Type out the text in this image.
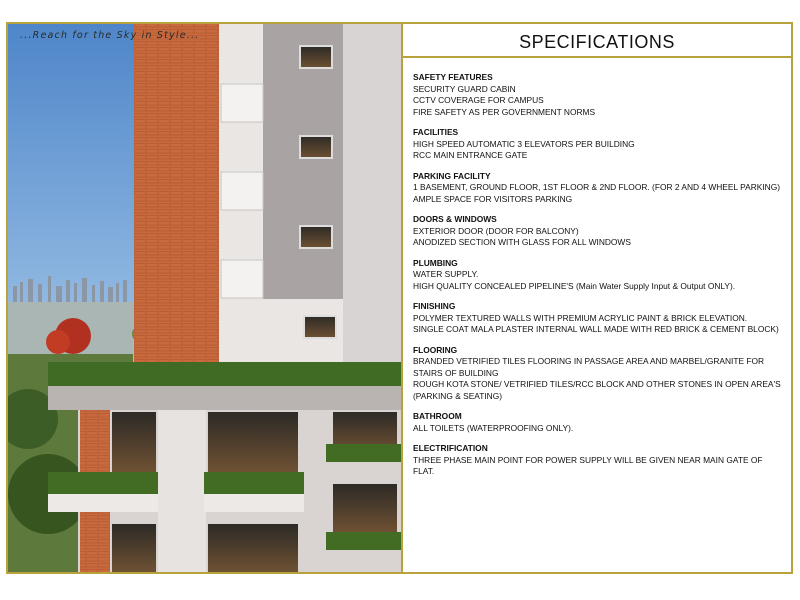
...Reach for the Sky in Style...	SPECIFICATIONS
SAFETY FEATURES
SECURITY GUARD CABIN
CCTV COVERAGE FOR CAMPUS
FIRE SAFETY AS PER GOVERNMENT NORMS
FACILITIES
HIGH SPEED AUTOMATIC 3 ELEVATORS PER BUILDING
RCC MAIN ENTRANCE GATE
PARKING FACILITY
1 BASEMENT, GROUND FLOOR, 1ST FLOOR & 2ND FLOOR. (FOR 2 AND 4 WHEEL PARKING)
AMPLE SPACE FOR VISITORS PARKING
DOORS & WINDOWS
EXTERIOR DOOR (DOOR FOR BALCONY)
ANODIZED SECTION WITH GLASS FOR ALL WINDOWS
PLUMBING
WATER SUPPLY.
HIGH QUALITY CONCEALED PIPELINE'S (Main Water Supply Input & Output ONLY).
FINISHING
POLYMER TEXTURED WALLS WITH PREMIUM ACRYLIC PAINT & BRICK ELEVATION.
SINGLE COAT MALA PLASTER INTERNAL WALL MADE WITH RED BRICK & CEMENT BLOCK)
FLOORING
BRANDED VETRIFIED TILES FLOORING IN PASSAGE AREA AND MARBEL/GRANITE FOR STAIRS OF BUILDING
ROUGH KOTA STONE/ VETRIFIED TILES/RCC BLOCK AND OTHER STONES IN OPEN AREA'S (PARKING & SEATING)
BATHROOM
ALL TOILETS (WATERPROOFING ONLY).
ELECTRIFICATION
THREE PHASE MAIN POINT FOR POWER SUPPLY WILL BE GIVEN NEAR MAIN GATE OF FLAT.
